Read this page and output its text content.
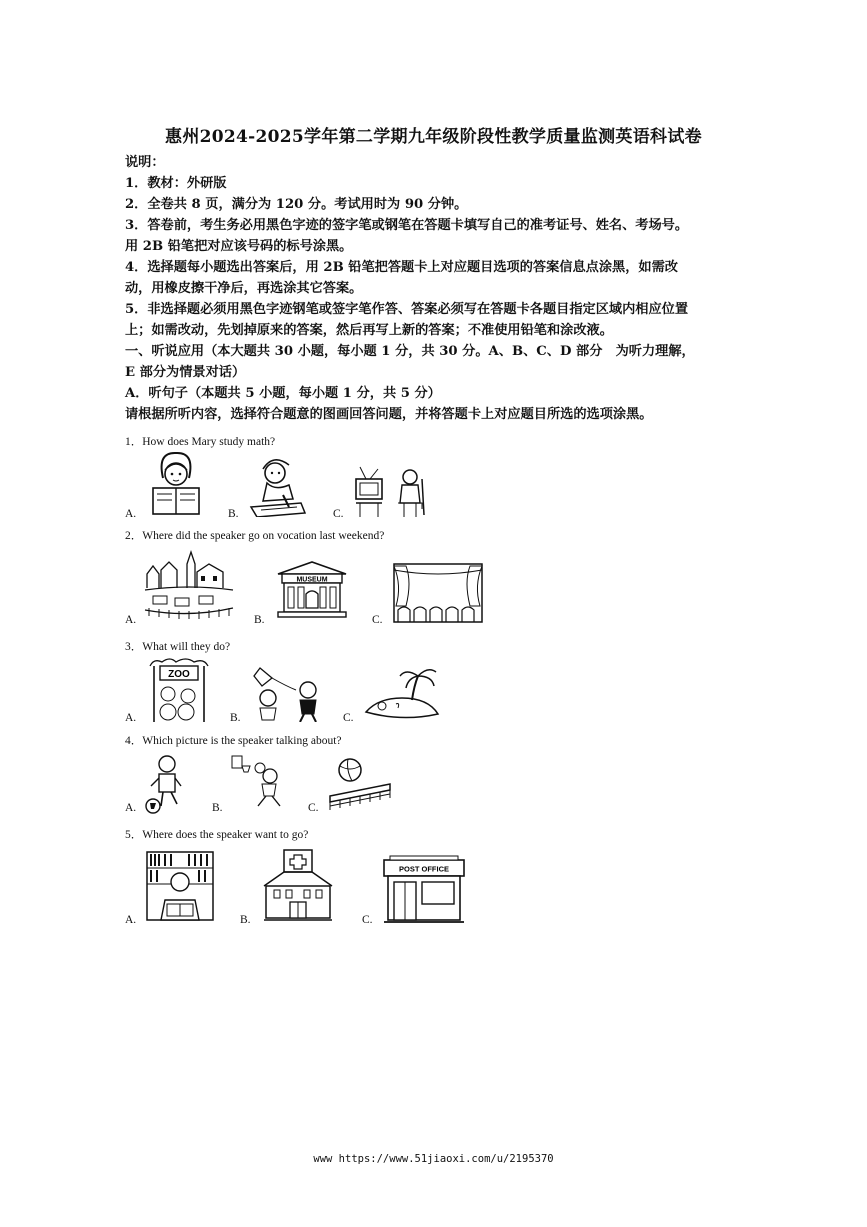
惠州2024-2025学年第二学期九年级阶段性教学质量监测英语科试卷

说明：

1．教材：外研版

2．全卷共 8 页，满分为 120 分。考试用时为 90 分钟。

3．答卷前，考生务必用黑色字迹的签字笔或钢笔在答题卡填写自己的准考证号、姓名、考场号。用 2B 铅笔把对应该号码的标号涂黑。

4．选择题每小题选出答案后，用 2B 铅笔把答题卡上对应题目选项的答案信息点涂黑，如需改动，用橡皮擦干净后，再选涂其它答案。

5．非选择题必须用黑色字迹钢笔或签字笔作答、答案必须写在答题卡各题目指定区域内相应位置上；如需改动，先划掉原来的答案，然后再写上新的答案；不准使用铅笔和涂改液。

一、听说应用（本大题共 30 小题，每小题 1 分，共 30 分。A、B、C、D 部分　为听力理解，E 部分为情景对话）

A．听句子（本题共 5 小题，每小题 1 分，共 5 分）

请根据所听内容，选择符合题意的图画回答问题，并将答题卡上对应题目所选的选项涂黑。

1．How does Mary study math?
A.	B.	C.
2．Where did the speaker go on vocation last weekend?
A.
MUSEUM
B.	C.
3．What will they do?
ZOO
A.	B.	C.
4．Which picture is the speaker talking about?
A.	B.	C.
5．Where does the speaker want to go?
A.	B.
POST OFFICE
C.
www https://www.51jiaoxi.com/u/2195370
